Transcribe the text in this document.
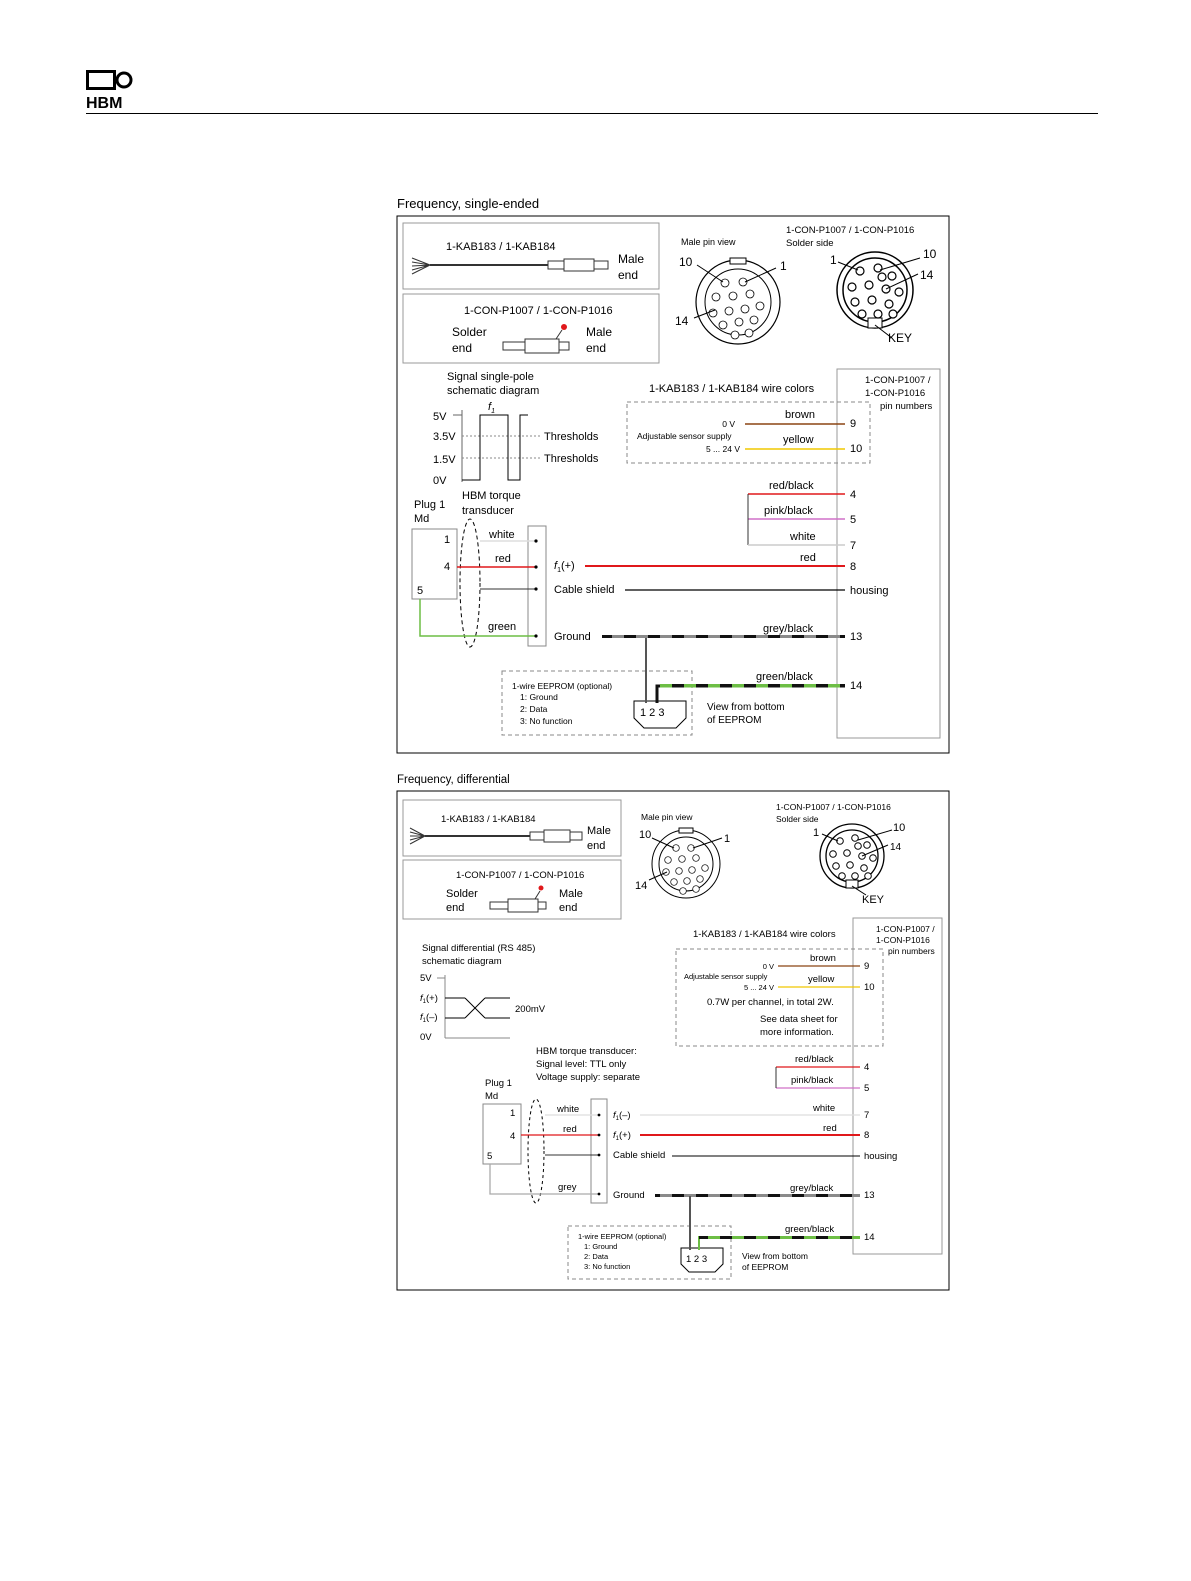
HBM
Frequency, single-ended
Frequency, differential
1-KAB183 / 1-KAB184
Male
end
1-CON-P1007 / 1-CON-P1016
Solder
end
Male
end
Male pin view
10	1
14
1-CON-P1007 / 1-CON-P1016
Solder side
1	10
14
KEY
1-CON-P1007 /
1-CON-P1016
pin numbers
Signal single-pole
schematic diagram
5V
3.5V
1.5V
0V
$f_1$
Thresholds
Thresholds
1-KAB183 / 1-KAB184 wire colors
0 V
Adjustable sensor supply
5 ... 24 V
brown
yellow
9
10
red/black
pink/black
white
4
5
7
Plug 1
Md
1
4
5
HBM torque
transducer
white
red
green
$f_1(+)$
red
8
Cable shield	housing
Ground
grey/black
13
1-wire EEPROM (optional)
1: Ground
2: Data
3: No function
1 2 3
green/black
14
View from bottom
of EEPROM
1-KAB183 / 1-KAB184
Male
end
1-CON-P1007 / 1-CON-P1016
Solder
end
Male
end
Male pin view
10	1
14
1-CON-P1007 / 1-CON-P1016
Solder side
1	10
14
KEY
1-CON-P1007 /
1-CON-P1016
pin numbers
Signal differential (RS 485)
schematic diagram
5V
$f_1(+)$
$f_1(-)$
0V
200mV
1-KAB183 / 1-KAB184 wire colors
0 V
Adjustable sensor supply
5 ... 24 V
brown
yellow
9
10
0.7W per channel, in total 2W.
See data sheet for
more information.
red/black
pink/black
4
5
HBM torque transducer:
Signal level: TTL only
Voltage supply: separate
Plug 1
Md
1
4
5
white
red
grey
$f_1(-)$
white
7
$f_1(+)$
red
8
Cable shield	housing
Ground
grey/black
13
1-wire EEPROM (optional)
1: Ground
2: Data
3: No function
1 2 3
green/black
14
View from bottom
of EEPROM
